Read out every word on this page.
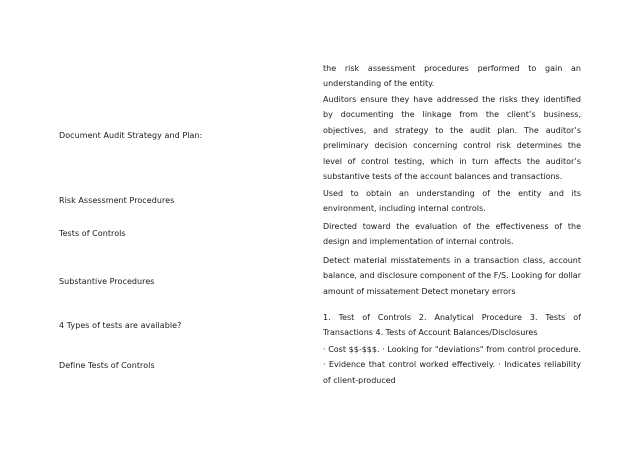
the risk assessment procedures performed to gain an understanding of the entity.
Auditors ensure they have addressed the risks they identified by documenting the linkage from the client’s business, objectives, and strategy to the audit plan. The auditor’s preliminary decision concerning control risk determines the level of control testing, which in turn affects the auditor’s substantive tests of the account balances and transactions.
Document Audit Strategy and Plan:
Used to obtain an understanding of the entity and its environment, including internal controls.
Risk Assessment Procedures
Directed toward the evaluation of the effectiveness of the design and implementation of internal controls.
Tests of Controls
Detect material misstatements in a transaction class, account balance, and disclosure component of the F/S. Looking for dollar amount of missatement Detect monetary errors
Substantive Procedures
1. Test of Controls 2. Analytical Procedure 3. Tests of Transactions 4. Tests of Account Balances/Disclosures
4 Types of tests are available?
· Cost $$-$$$. · Looking for "deviations" from control procedure. · Evidence that control worked effectively. · Indicates reliability of client-produced
Define Tests of Controls
